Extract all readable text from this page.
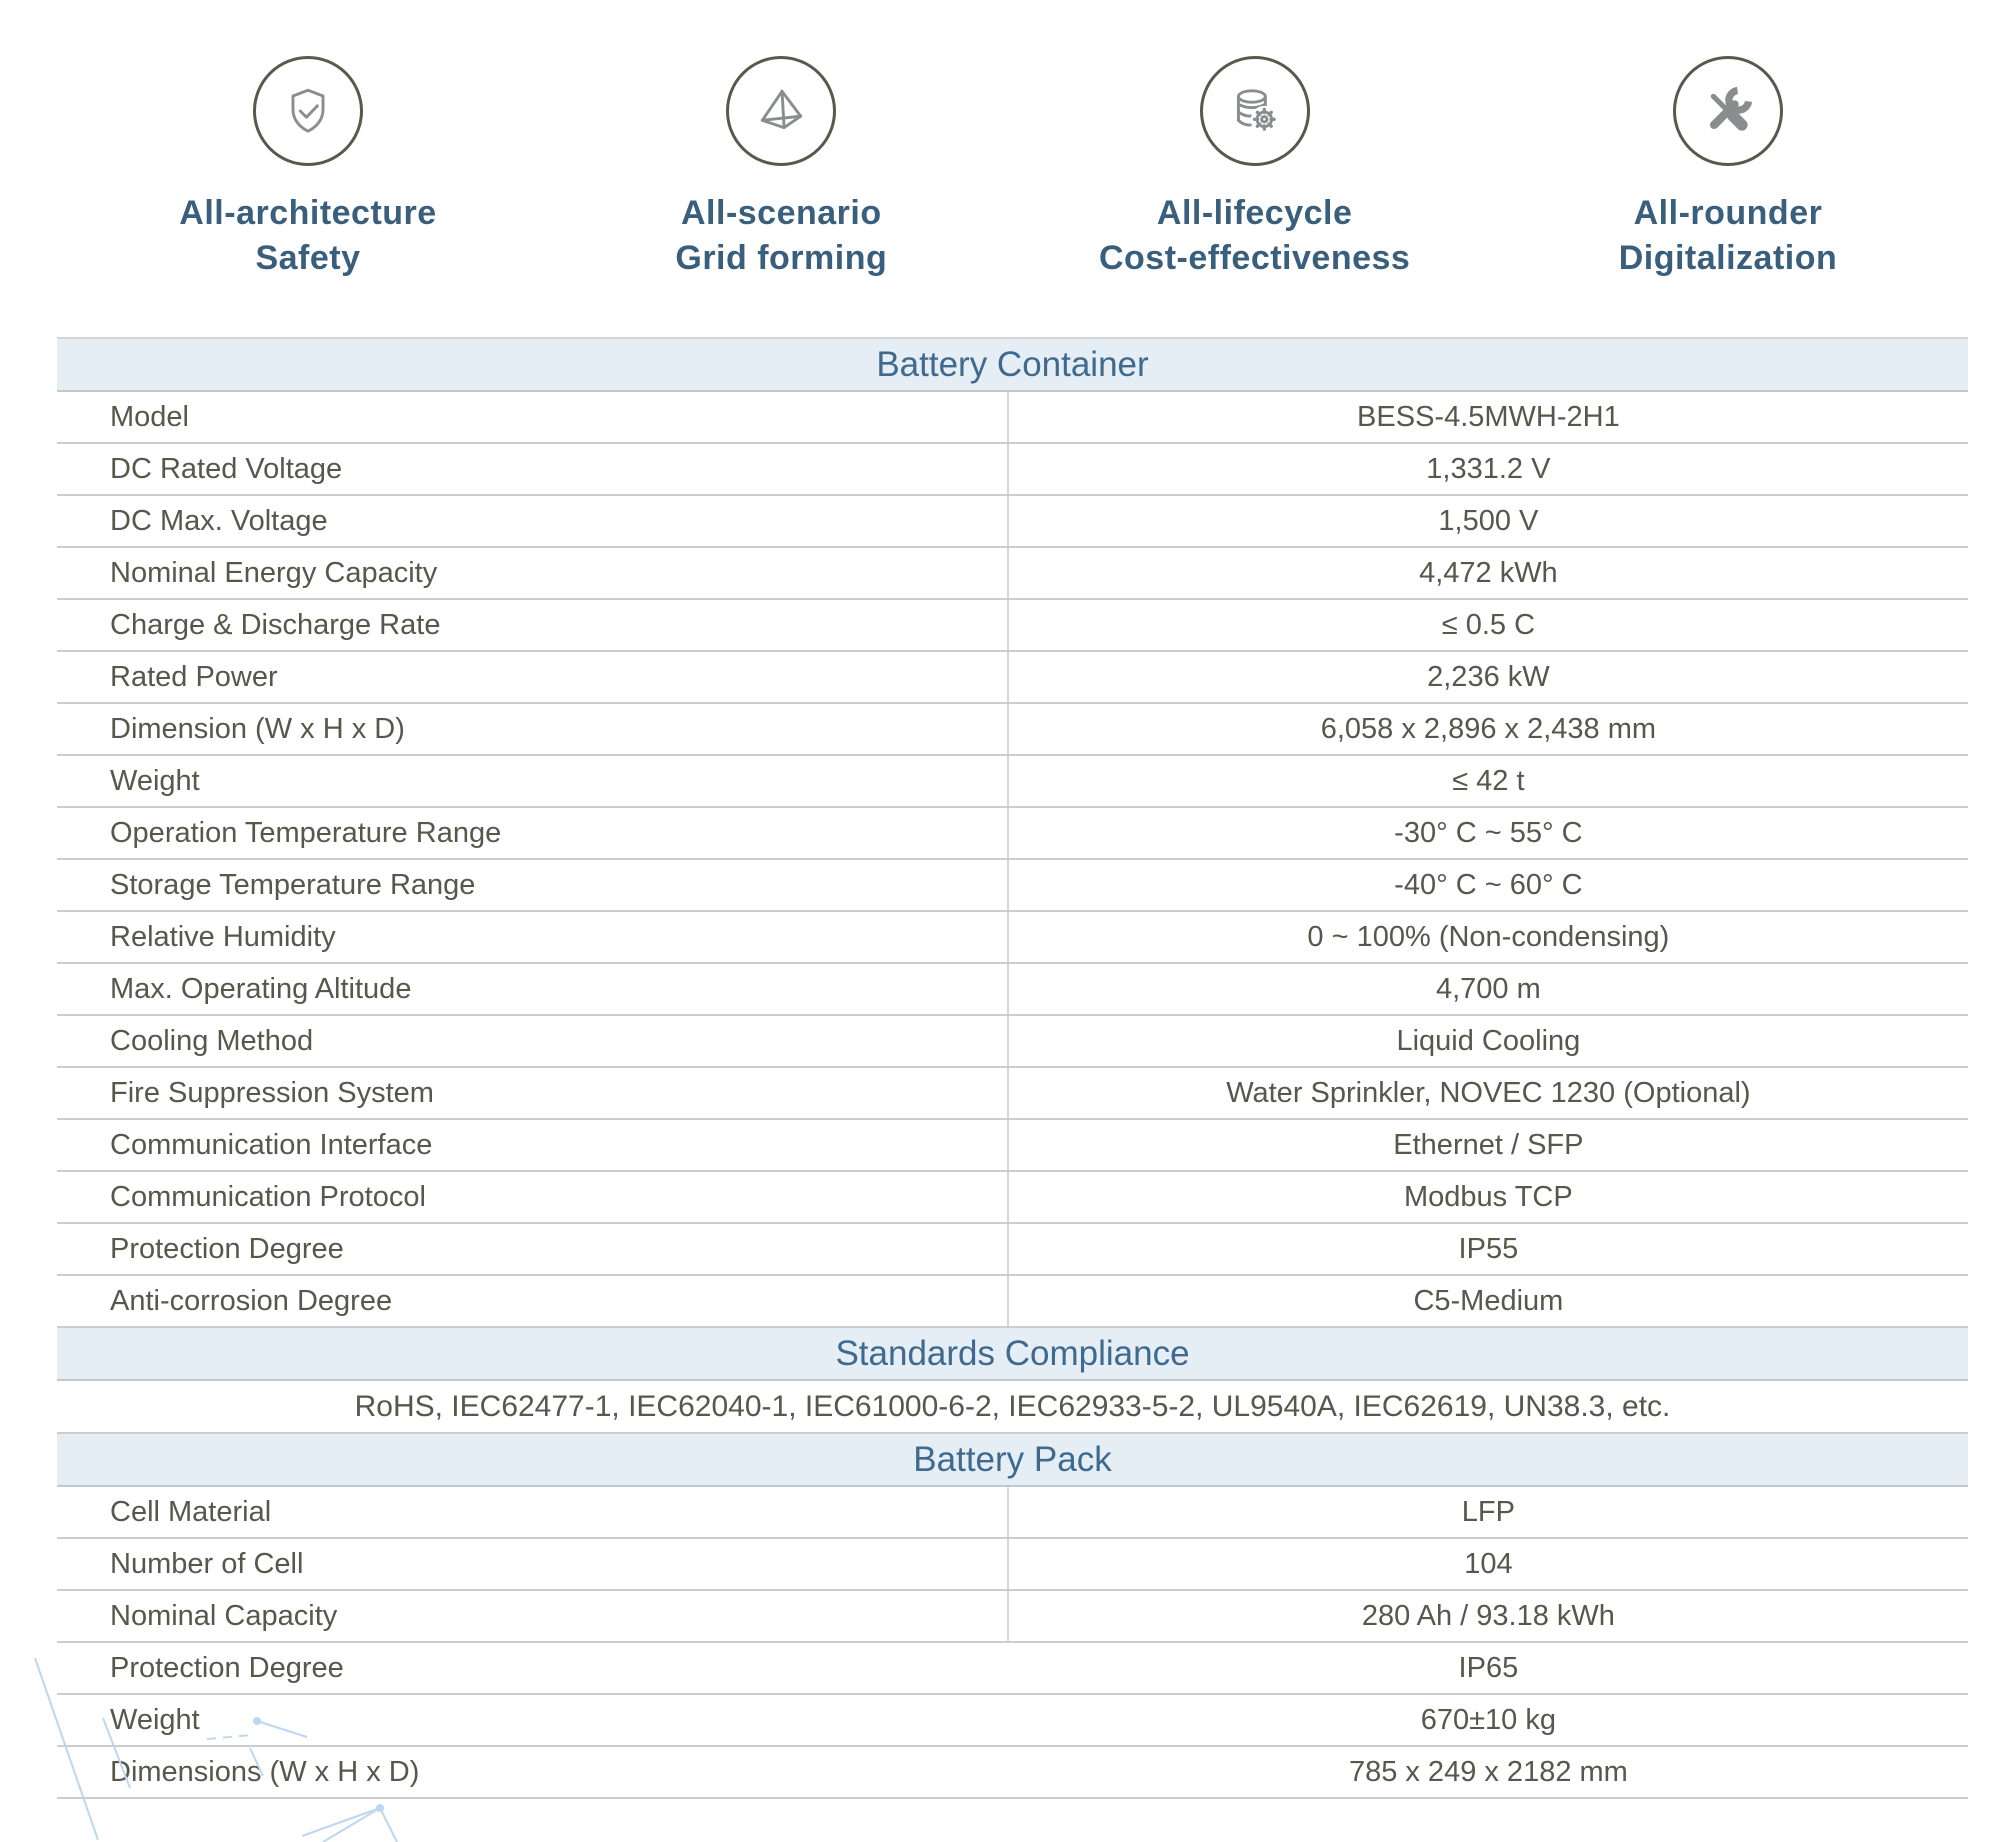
All-architecture
Safety
All-scenario
Grid forming
All-lifecycle
Cost-effectiveness
All-rounder
Digitalization
Battery Container
Model	BESS-4.5MWH-2H1
DC Rated Voltage	1,331.2 V
DC Max. Voltage	1,500 V
Nominal Energy Capacity	4,472 kWh
Charge & Discharge Rate	≤ 0.5 C
Rated Power	2,236 kW
Dimension (W x H x D)	6,058 x 2,896 x 2,438 mm
Weight	≤ 42 t
Operation Temperature Range	-30° C ~ 55° C
Storage Temperature Range	-40° C ~ 60° C
Relative Humidity	0 ~ 100% (Non-condensing)
Max. Operating Altitude	4,700 m
Cooling Method	Liquid Cooling
Fire Suppression System	Water Sprinkler, NOVEC 1230 (Optional)
Communication Interface	Ethernet / SFP
Communication Protocol	Modbus TCP
Protection Degree	IP55
Anti-corrosion Degree	C5-Medium
Standards Compliance
RoHS, IEC62477-1, IEC62040-1, IEC61000-6-2, IEC62933-5-2, UL9540A, IEC62619, UN38.3, etc.
Battery Pack
Cell Material	LFP
Number of Cell	104
Nominal Capacity	280 Ah / 93.18 kWh
Protection Degree	IP65
Weight	670±10 kg
Dimensions (W x H x D)	785 x 249 x 2182 mm
